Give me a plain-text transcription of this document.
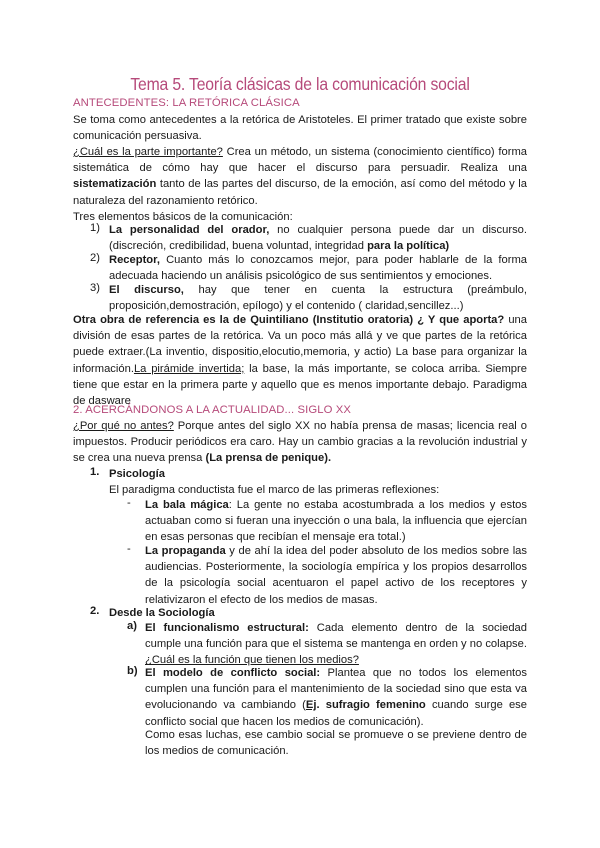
Tema 5. Teoría clásicas de la comunicación social
ANTECEDENTES: LA RETÓRICA CLÁSICA

Se toma como antecedentes a la retórica de Aristoteles. El primer tratado que existe sobre comunicación persuasiva.

¿Cuál es la parte importante? Crea un método, un sistema (conocimiento científico) forma sistemática de cómo hay que hacer el discurso para persuadir. Realiza una sistematización tanto de las partes del discurso, de la emoción, así como del método y la naturaleza del razonamiento retórico.

Tres elementos básicos de la comunicación:

1) La personalidad del orador, no cualquier persona puede dar un discurso. (discreción, credibilidad, buena voluntad, integridad para la política)

2) Receptor, Cuanto más lo conozcamos mejor, para poder hablarle de la forma adecuada haciendo un análisis psicológico de sus sentimientos y emociones.

3) El discurso, hay que tener en cuenta la estructura (preámbulo, proposición,demostración, epílogo) y el contenido ( claridad,sencillez...)

Otra obra de referencia es la de Quintiliano (Institutio oratoria) ¿ Y que aporta? una división de esas partes de la retórica. Va un poco más allá y ve que partes de la retórica puede extraer.(La inventio, dispositio,elocutio,memoria, y actio) La base para organizar la información.La pirámide invertida; la base, la más importante, se coloca arriba. Siempre tiene que estar en la primera parte y aquello que es menos importante debajo. Paradigma de dasware

2. ACERCÁNDONOS A LA ACTUALIDAD... SIGLO XX

¿Por qué no antes? Porque antes del siglo XX no había prensa de masas; licencia real o impuestos. Producir periódicos era caro. Hay un cambio gracias a la revolución industrial y se crea una nueva prensa (La prensa de penique).

1. Psicología

El paradigma conductista fue el marco de las primeras reflexiones:

- La bala mágica: La gente no estaba acostumbrada a los medios y estos actuaban como si fueran una inyección o una bala, la influencia que ejercían en esas personas que recibían el mensaje era total.)

- La propaganda y de ahí la idea del poder absoluto de los medios sobre las audiencias. Posteriormente, la sociología empírica y los propios desarrollos de la psicología social acentuaron el papel activo de los receptores y relativizaron el efecto de los medios de masas.

2. Desde la Sociología
a) El funcionalismo estructural: Cada elemento dentro de la sociedad cumple una función para que el sistema se mantenga en orden y no colapse. ¿Cuál es la función que tienen los medios?

b) El modelo de conflicto social: Plantea que no todos los elementos cumplen una función para el mantenimiento de la sociedad sino que esta va evolucionando va cambiando (Ej. sufragio femenino cuando surge ese conflicto social que hacen los medios de comunicación).

Como esas luchas, ese cambio social se promueve o se previene dentro de los medios de comunicación.
